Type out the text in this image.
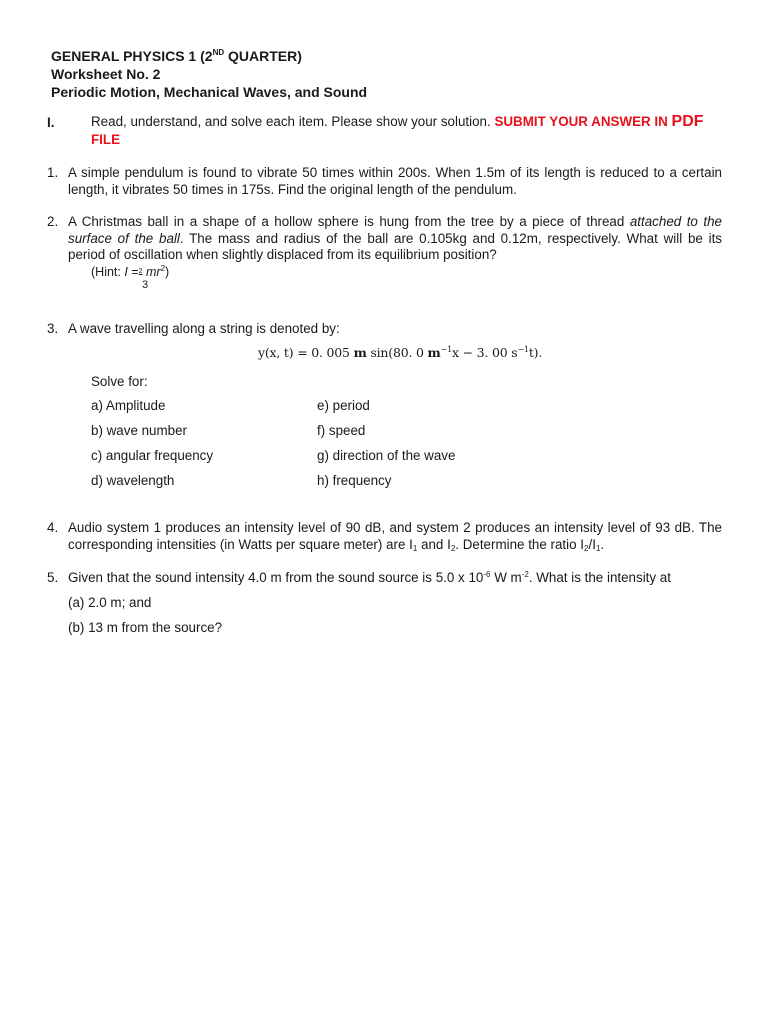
GENERAL PHYSICS 1 (2ND QUARTER)
Worksheet No. 2
Periodic Motion, Mechanical Waves, and Sound
I.	Read, understand, and solve each item. Please show your solution. SUBMIT YOUR ANSWER IN PDF
FILE
1. A simple pendulum is found to vibrate 50 times within 200s. When 1.5m of its length is reduced to a certain length, it vibrates 50 times in 175s. Find the original length of the pendulum.
2. A Christmas ball in a shape of a hollow sphere is hung from the tree by a piece of thread attached to the surface of the ball. The mass and radius of the ball are 0.105kg and 0.12m, respectively. What will be its period of oscillation when slightly displaced from its equilibrium position?
(Hint: I =$^2$ $mr^2$)
3
3. A wave travelling along a string is denoted by:
y(x, t) = 0. 005 m sin(80. 0 $m^{-1}x - 3$. 00 $s^{-1}t$).
Solve for:
a) Amplitude	e) period
b) wave number	f) speed
c) angular frequency	g) direction of the wave
d) wavelength	h) frequency
4. Audio system 1 produces an intensity level of 90 dB, and system 2 produces an intensity level of 93 dB. The corresponding intensities (in Watts per square meter) are $I_1$ and $I_2$. Determine the ratio $I_2/I_1$.
5. Given that the sound intensity 4.0 m from the sound source is 5.0 x $10^{-6}$ W $m^{-2}$. What is the intensity at
(a) 2.0 m; and
(b) 13 m from the source?
